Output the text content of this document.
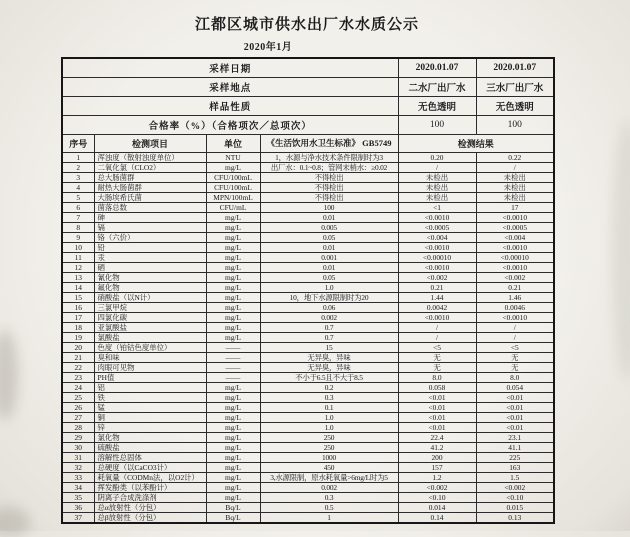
江都区城市供水出厂水水质公示
2020年1月
采样日期				2020.01.07	2020.01.07
采样地点				二水厂出厂水	三水厂出厂水
样品性质				无色透明	无色透明
合格率（%）（合格项次／总项次）				100	100
序号	检测项目	单位	《生活饮用水卫生标准》 GB5749	检测结果	
1	浑浊度（散射浊度单位）	NTU	1，水源与净水技术条件限制时为3	0.20	0.22
2	二氧化氯（CLO2）	mg/L	出厂水：0.1~0.8；管网末梢水：≥0.02	/	/
3	总大肠菌群	CFU/100mL	不得检出	未检出	未检出
4	耐热大肠菌群	CFU/100mL	不得检出	未检出	未检出
5	大肠埃希氏菌	MPN/100mL	不得检出	未检出	未检出
6	菌落总数	CFU/mL	100	<1	17
7	砷	mg/L	0.01	<0.0010	<0.0010
8	镉	mg/L	0.005	<0.0005	<0.0005
9	铬（六价）	mg/L	0.05	<0.004	<0.004
10	铅	mg/L	0.01	<0.0010	<0.0010
11	汞	mg/L	0.001	<0.00010	<0.00010
12	硒	mg/L	0.01	<0.0010	<0.0010
13	氰化物	mg/L	0.05	<0.002	<0.002
14	氟化物	mg/L	1.0	0.21	0.21
15	硝酸盐（以N计）	mg/L	10，地下水源限制时为20	1.44	1.46
16	三氯甲烷	mg/L	0.06	0.0042	0.0046
17	四氯化碳	mg/L	0.002	<0.0010	<0.0010
18	亚氯酸盐	mg/L	0.7	/	/
19	氯酸盐	mg/L	0.7	/	/
20	色度（铂钴色度单位）	——	15	<5	<5
21	臭和味	——	无异臭，异味	无	无
22	肉眼可见物	——	无异臭，异味	无	无
23	PH值	——	不小于6.5且不大于8.5	8.0	8.0
24	铝	mg/L	0.2	0.058	0.054
25	铁	mg/L	0.3	<0.01	<0.01
26	锰	mg/L	0.1	<0.01	<0.01
27	铜	mg/L	1.0	<0.01	<0.01
28	锌	mg/L	1.0	<0.01	<0.01
29	氯化物	mg/L	250	22.4	23.1
30	硫酸盐	mg/L	250	41.2	41.1
31	溶解性总固体	mg/L	1000	200	225
32	总硬度（以CaCO3计）	mg/L	450	157	163
33	耗氧量（CODMn法，以O2计）	mg/L	3,水源限制，原水耗氧量>6mg/L时为5	1.2	1.5
34	挥发酚类（以苯酚计）	mg/L	0.002	<0.002	<0.002
35	阴离子合成洗涤剂	mg/L	0.3	<0.10	<0.10
36	总α放射性（分包）	Bq/L	0.5	0.014	0.015
37	总β放射性（分包）	Bq/L	1	0.14	0.13
